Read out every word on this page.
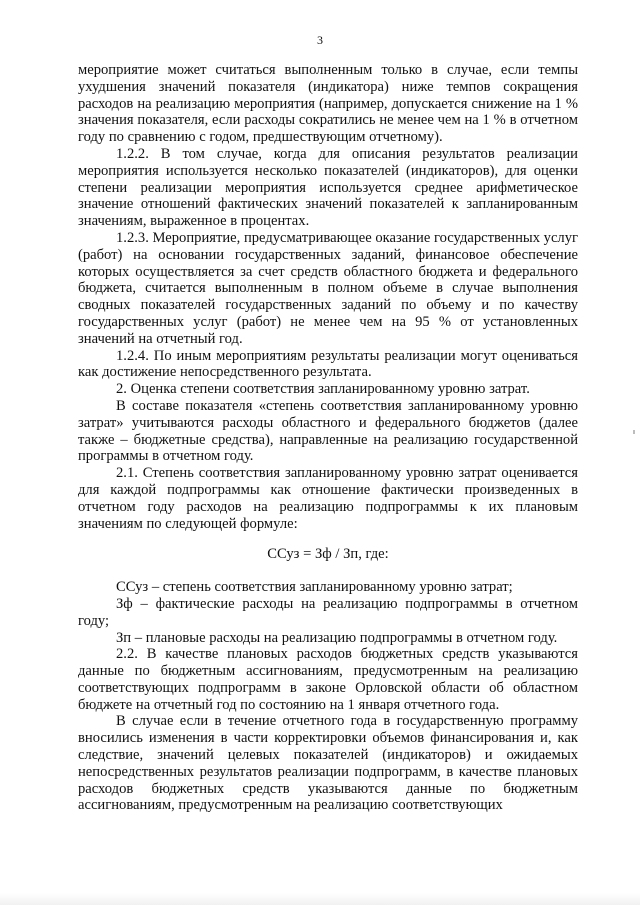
3

мероприятие может считаться выполненным только в случае, если темпы ухудшения значений показателя (индикатора) ниже темпов сокращения расходов на реализацию мероприятия (например, допускается снижение на 1 % значения показателя, если расходы сократились не менее чем на 1 % в отчетном году по сравнению с годом, предшествующим отчетному).

1.2.2. В том случае, когда для описания результатов реализации мероприятия используется несколько показателей (индикаторов), для оценки степени реализации мероприятия используется среднее арифметическое значение отношений фактических значений показателей к запланированным значениям, выраженное в процентах.

1.2.3. Мероприятие, предусматривающее оказание государственных услуг (работ) на основании государственных заданий, финансовое обеспечение которых осуществляется за счет средств областного бюджета и федерального бюджета, считается выполненным в полном объеме в случае выполнения сводных показателей государственных заданий по объему и по качеству государственных услуг (работ) не менее чем на 95 % от установленных значений на отчетный год.

1.2.4. По иным мероприятиям результаты реализации могут оцениваться как достижение непосредственного результата.

2. Оценка степени соответствия запланированному уровню затрат.

В составе показателя «степень соответствия запланированному уровню затрат» учитываются расходы областного и федерального бюджетов (далее также – бюджетные средства), направленные на реализацию государственной программы в отчетном году.

2.1. Степень соответствия запланированному уровню затрат оценивается для каждой подпрограммы как отношение фактически произведенных в отчетном году расходов на реализацию подпрограммы к их плановым значениям по следующей формуле:

ССуз = Зф / Зп, где:

ССуз – степень соответствия запланированному уровню затрат;

Зф – фактические расходы на реализацию подпрограммы в отчетном году;

Зп – плановые расходы на реализацию подпрограммы в отчетном году.

2.2. В качестве плановых расходов бюджетных средств указываются данные по бюджетным ассигнованиям, предусмотренным на реализацию соответствующих подпрограмм в законе Орловской области об областном бюджете на отчетный год по состоянию на 1 января отчетного года.

В случае если в течение отчетного года в государственную программу вносились изменения в части корректировки объемов финансирования и, как следствие, значений целевых показателей (индикаторов) и ожидаемых непосредственных результатов реализации подпрограмм, в качестве плановых расходов бюджетных средств указываются данные по бюджетным ассигнованиям, предусмотренным на реализацию соответствующих
